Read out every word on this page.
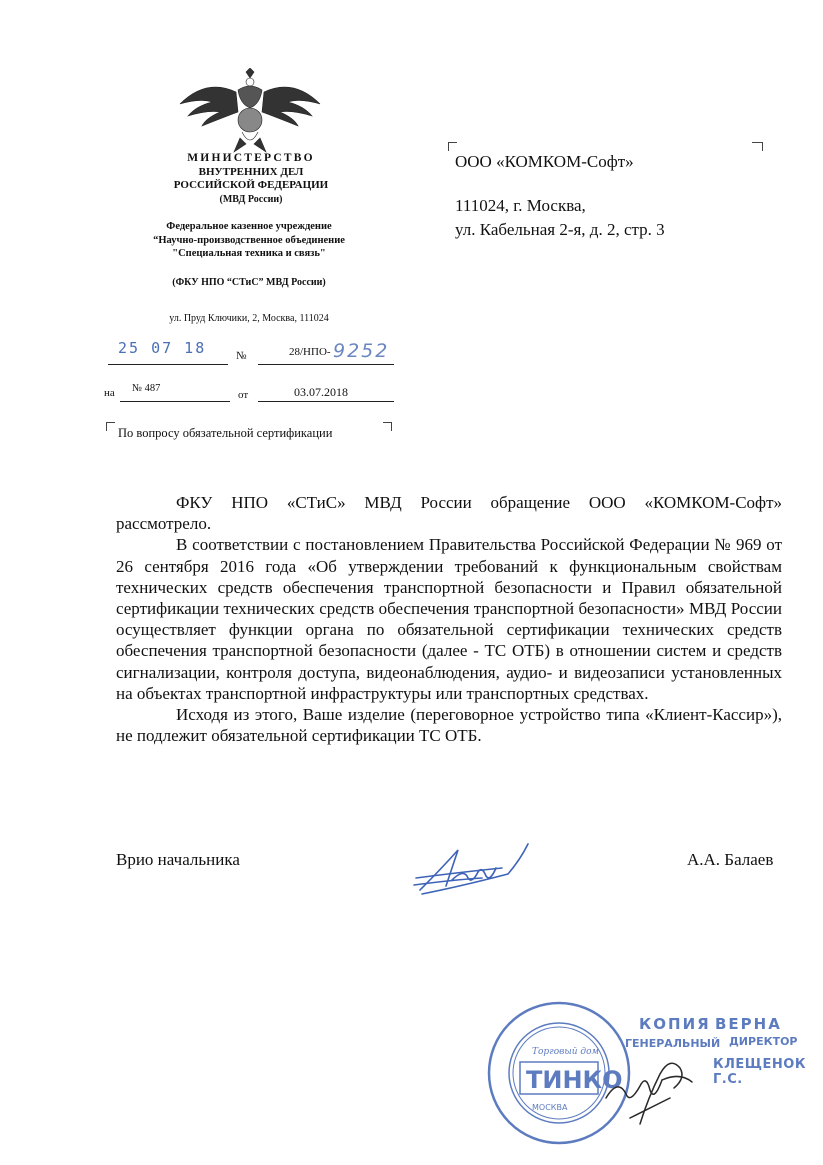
МИНИСТЕРСТВО
ВНУТРЕННИХ ДЕЛ
РОССИЙСКОЙ ФЕДЕРАЦИИ
(МВД России)
Федеральное казенное учреждение
“Научно-производственное объединение
"Специальная техника и связь"
(ФКУ НПО “СТиС” МВД России)
ул. Пруд Ключики, 2, Москва, 111024
25 07 18	№	28/НПО- 9252
на № 487
от	03.07.2018
По вопросу обязательной сертификации
ООО «КОМКОМ-Софт»
111024, г. Москва,
ул. Кабельная 2-я, д. 2, стр. 3

ФКУ НПО «СТиС» МВД России обращение ООО «КОМКОМ-Софт»

рассмотрело.

В соответствии с постановлением Правительства Российской Федерации № 969 от 26 сентября 2016 года «Об утверждении требований к функциональным свойствам технических средств обеспечения транспортной безопасности и Правил обязательной сертификации технических средств обеспечения транспортной безопасности» МВД России осуществляет функции органа по обязательной сертификации технических средств обеспечения транспортной безопасности (далее - ТС ОТБ) в отношении систем и средств сигнализации, контроля доступа, видеонаблюдения, аудио- и видеозаписи установленных на объектах транспортной инфраструктуры или транспортных средствах.

Исходя из этого, Ваше изделие (переговорное устройство типа «Клиент-Кассир»), не подлежит обязательной сертификации ТС ОТБ.

Врио начальника	А.А. Балаев
Торговый дом
ТИНКО
МОСКВА
КОПИЯ ВЕРНА
ГЕНЕРАЛЬНЫЙ ДИРЕКТОР
КЛЕЩЕНОК Г.С.
